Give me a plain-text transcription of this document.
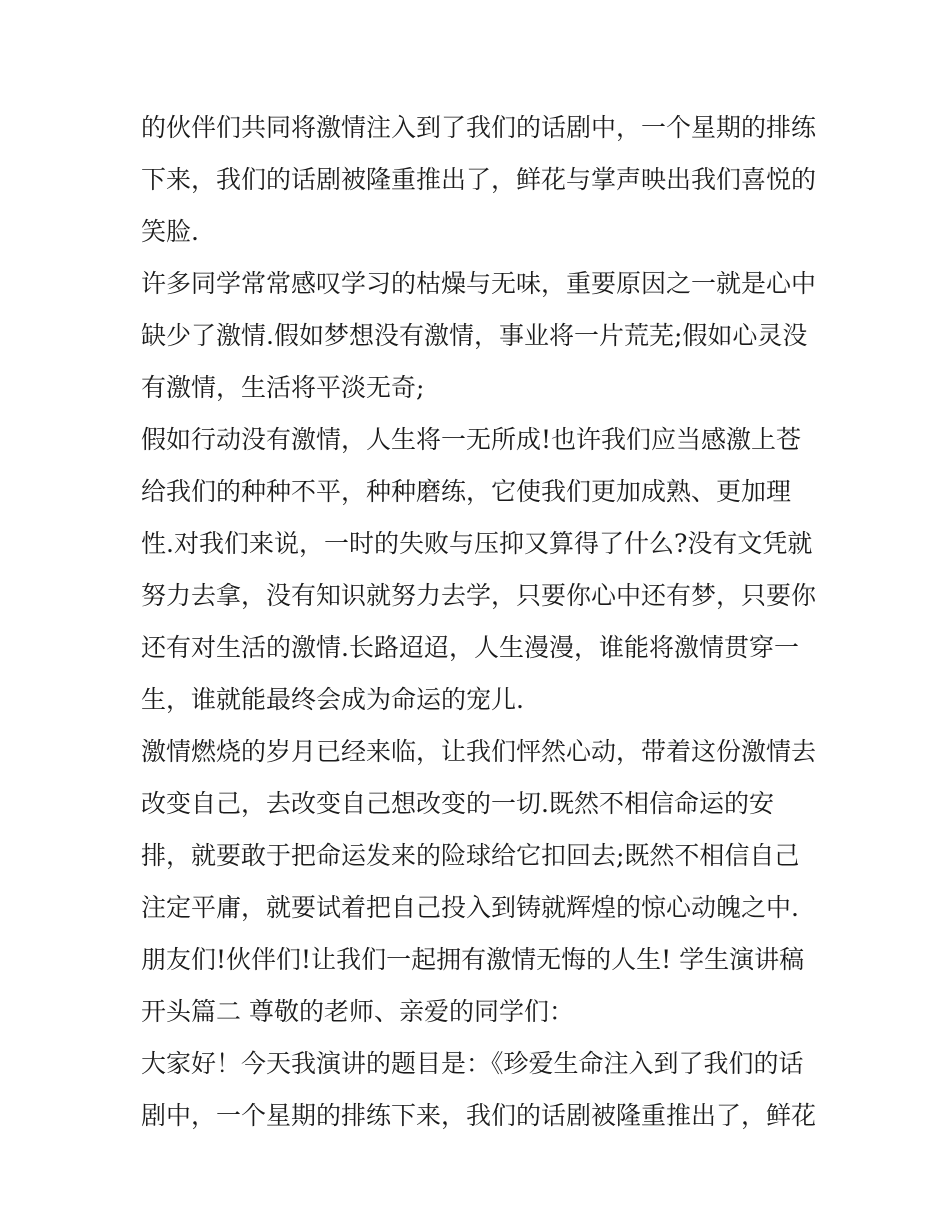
的伙伴们共同将激情注入到了我们的话剧中，一个星期的排练
下来，我们的话剧被隆重推出了，鲜花与掌声映出我们喜悦的
笑脸.
许多同学常常感叹学习的枯燥与无味，重要原因之一就是心中
缺少了激情.假如梦想没有激情，事业将一片荒芜;假如心灵没
有激情，生活将平淡无奇;
假如行动没有激情，人生将一无所成!也许我们应当感激上苍
给我们的种种不平，种种磨练，它使我们更加成熟、更加理
性.对我们来说，一时的失败与压抑又算得了什么?没有文凭就
努力去拿，没有知识就努力去学，只要你心中还有梦，只要你
还有对生活的激情.长路迢迢，人生漫漫，谁能将激情贯穿一
生，谁就能最终会成为命运的宠儿.
激情燃烧的岁月已经来临，让我们怦然心动，带着这份激情去
改变自己，去改变自己想改变的一切.既然不相信命运的安
排，就要敢于把命运发来的险球给它扣回去;既然不相信自己
注定平庸，就要试着把自己投入到铸就辉煌的惊心动魄之中.
朋友们!伙伴们!让我们一起拥有激情无悔的人生! 学生演讲稿
开头篇二 尊敬的老师、亲爱的同学们：
大家好！今天我演讲的题目是：《珍爱生命注入到了我们的话
剧中，一个星期的排练下来，我们的话剧被隆重推出了，鲜花
